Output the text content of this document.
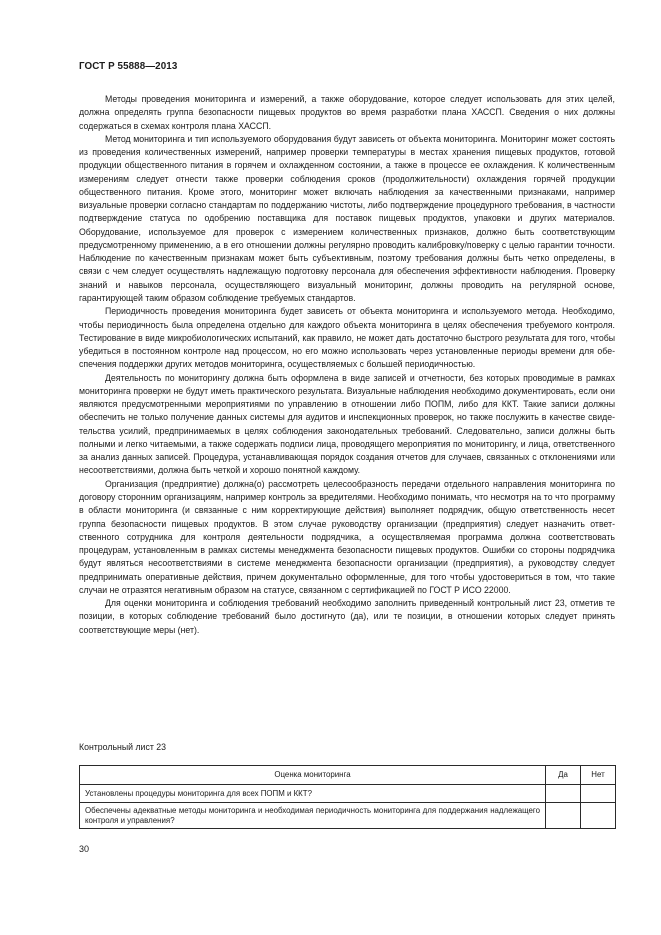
ГОСТ Р 55888—2013

Методы проведения мониторинга и измерений, а также оборудование, которое следует использовать для этих целей, должна определять группа безопасности пищевых продуктов во время разработки плана ХАССП. Сведения о них должны содержаться в схемах контроля плана ХАССП.

Метод мониторинга и тип используемого оборудования будут зависеть от объекта мониторинга. Мониторинг может состоять из проведения количественных измерений, например проверки температуры в местах хранения пищевых продуктов, готовой продукции общественного питания в горячем и охлажденном состоянии, а также в процессе ее охлаждения. К количественным измерениям следует отнести также проверки соблюдения сроков (продолжительности) охлаждения горячей продукции общественного питания. Кроме этого, мониторинг может включать наблюдения за качественными признаками, например визуальные проверки согласно стандартам по поддержанию чистоты, либо подтверждение процедурного требования, в частности подтверждение статуса по одобрению поставщика для поставок пищевых продуктов, упаковки и других материалов. Оборудование, используемое для проверок с измерением количественных признаков, должно быть соответствующим предусмотренному применению, а в его отношении должны регулярно проводить калибровку/поверку с целью гарантии точности. Наблюдение по качественным признакам может быть субъективным, поэтому требования должны быть четко определены, в связи с чем следует осуществлять надлежащую подготовку персонала для обеспечения эффективности наблюдения. Проверку знаний и навыков персонала, осуществляющего визуальный мониторинг, должны проводить на регулярной основе, гарантирующей таким образом соблюдение требуемых стандартов.

Периодичность проведения мониторинга будет зависеть от объекта мониторинга и используемого метода. Необходимо, чтобы периодичность была определена отдельно для каждого объекта мониторинга в целях обеспечения требуемого контроля. Тестирование в виде микробиологических испытаний, как правило, не может дать достаточно быстрого результата для того, чтобы убедиться в постоянном контроле над процессом, но его можно использовать через установленные периоды времени для обеспечения поддержки других методов мониторинга, осуществляемых с большей периодичностью.

Деятельность по мониторингу должна быть оформлена в виде записей и отчетности, без которых проводимые в рамках мониторинга проверки не будут иметь практического результата. Визуальные наблюдения необходимо документировать, если они являются предусмотренными мероприятиями по управлению в отношении либо ПОПМ, либо для ККТ. Такие записи должны обеспечить не только получение данных системы для аудитов и инспекционных проверок, но также послужить в качестве свидетельства усилий, предпринимаемых в целях соблюдения законодательных требований. Следовательно, записи должны быть полными и легко читаемыми, а также содержать подписи лица, проводящего мероприятия по мониторингу, и лица, ответственного за анализ данных записей. Процедура, устанавливающая порядок создания отчетов для случаев, связанных с отклонениями или несоответствиями, должна быть четкой и хорошо понятной каждому.

Организация (предприятие) должна(о) рассмотреть целесообразность передачи отдельного направления мониторинга по договору сторонним организациям, например контроль за вредителями. Необходимо понимать, что несмотря на то что программу в области мониторинга (и связанные с ним корректирующие действия) выполняет подрядчик, общую ответственность несет группа безопасности пищевых продуктов. В этом случае руководству организации (предприятия) следует назначить ответственного сотрудника для контроля деятельности подрядчика, а осуществляемая программа должна соответствовать процедурам, установленным в рамках системы менеджмента безопасности пищевых продуктов. Ошибки со стороны подрядчика будут являться несоответствиями в системе менеджмента безопасности организации (предприятия), а руководству следует предпринимать оперативные действия, причем документально оформленные, для того чтобы удостовериться в том, что такие случаи не отразятся негативным образом на статусе, связанном с сертификацией по ГОСТ Р ИСО 22000.

Для оценки мониторинга и соблюдения требований необходимо заполнить приведенный контрольный лист 23, отметив те позиции, в которых соблюдение требований было достигнуто (да), или те позиции, в отношении которых следует принять соответствующие меры (нет).

Контрольный лист 23
Оценка мониторинга	Да	Нет
Установлены процедуры мониторинга для всех ПОПМ и ККТ?		
Обеспечены адекватные методы мониторинга и необходимая периодичность мониторинга для поддержания надлежащего контроля и управления?		
30
